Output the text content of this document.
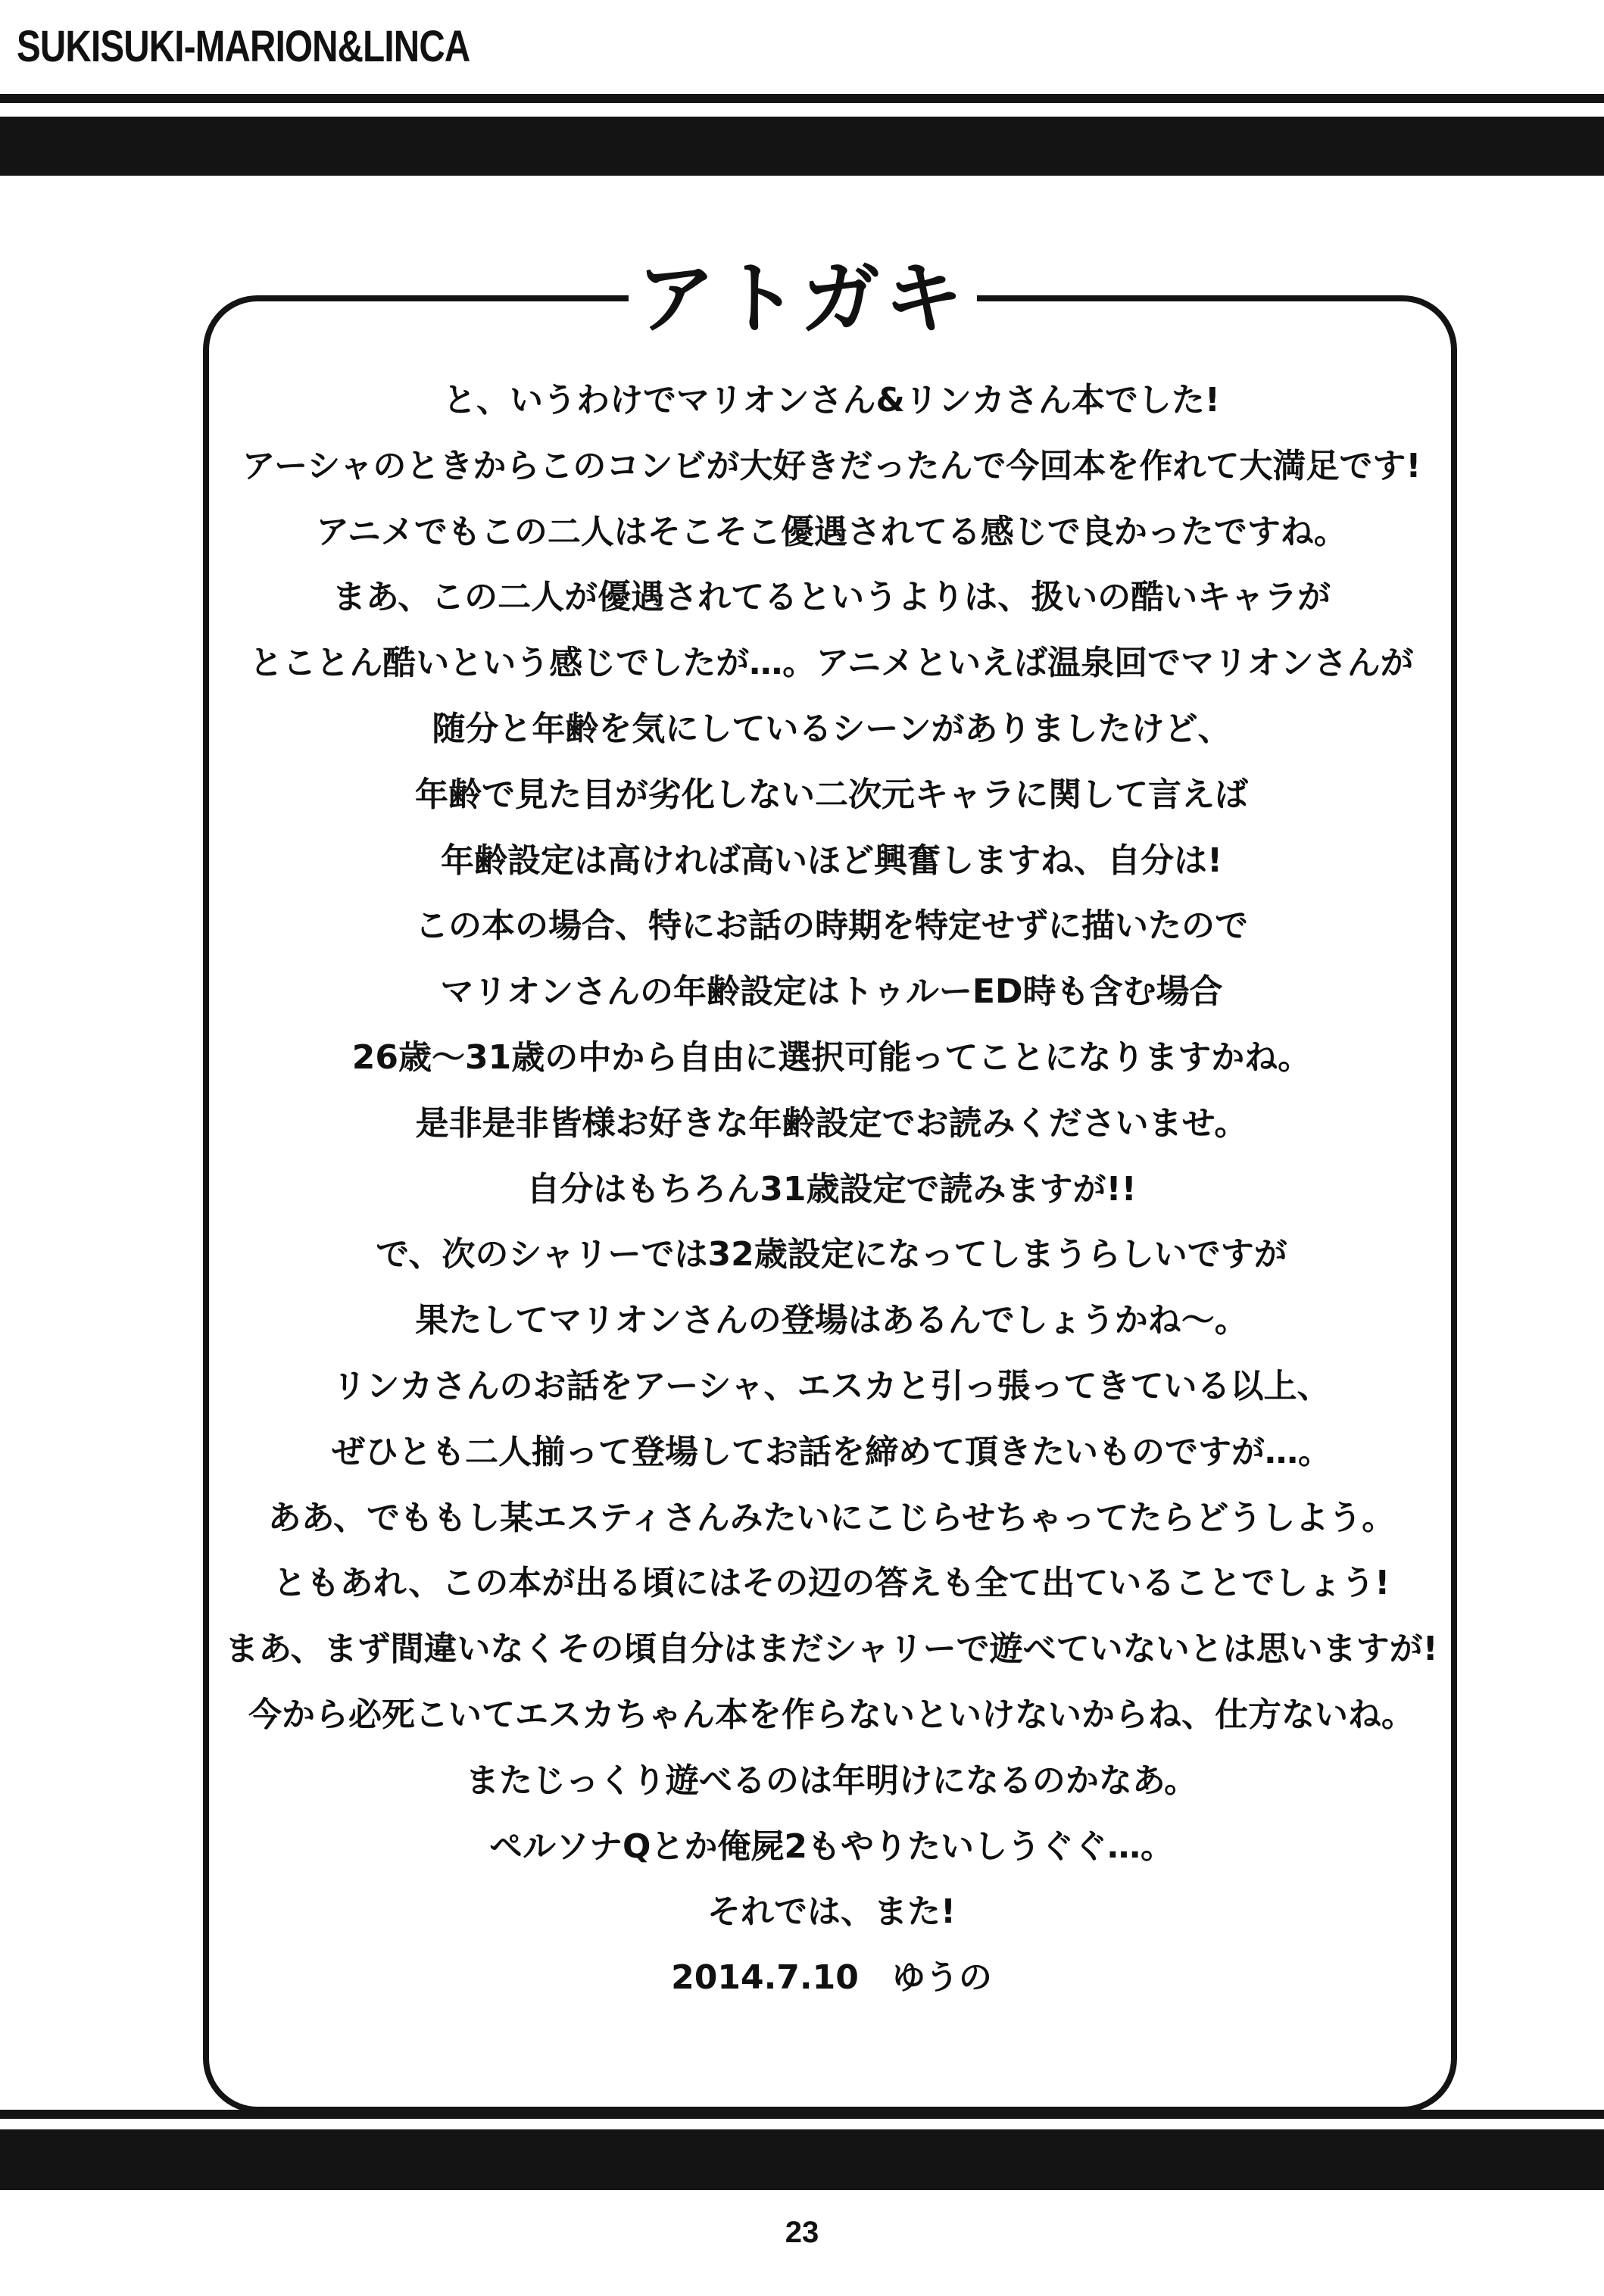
SUKISUKI-MARION&LINCA
アトガキ
と、いうわけでマリオンさん&リンカさん本でした!
アーシャのときからこのコンビが大好きだったんで今回本を作れて大満足です!
アニメでもこの二人はそこそこ優遇されてる感じで良かったですね。
まあ、この二人が優遇されてるというよりは、扱いの酷いキャラが
とことん酷いという感じでしたが…。アニメといえば温泉回でマリオンさんが
随分と年齢を気にしているシーンがありましたけど、
年齢で見た目が劣化しない二次元キャラに関して言えば
年齢設定は高ければ高いほど興奮しますね、自分は!
この本の場合、特にお話の時期を特定せずに描いたので
マリオンさんの年齢設定はトゥルーED時も含む場合
26歳～31歳の中から自由に選択可能ってことになりますかね。
是非是非皆様お好きな年齢設定でお読みくださいませ。
自分はもちろん31歳設定で読みますが!!
で、次のシャリーでは32歳設定になってしまうらしいですが
果たしてマリオンさんの登場はあるんでしょうかね～。
リンカさんのお話をアーシャ、エスカと引っ張ってきている以上、
ぜひとも二人揃って登場してお話を締めて頂きたいものですが…。
ああ、でももし某エスティさんみたいにこじらせちゃってたらどうしよう。
ともあれ、この本が出る頃にはその辺の答えも全て出ていることでしょう!
まあ、まず間違いなくその頃自分はまだシャリーで遊べていないとは思いますが!
今から必死こいてエスカちゃん本を作らないといけないからね、仕方ないね。
またじっくり遊べるのは年明けになるのかなあ。
ペルソナQとか俺屍2もやりたいしうぐぐ…。
それでは、また!
2014.7.10　ゆうの
23
